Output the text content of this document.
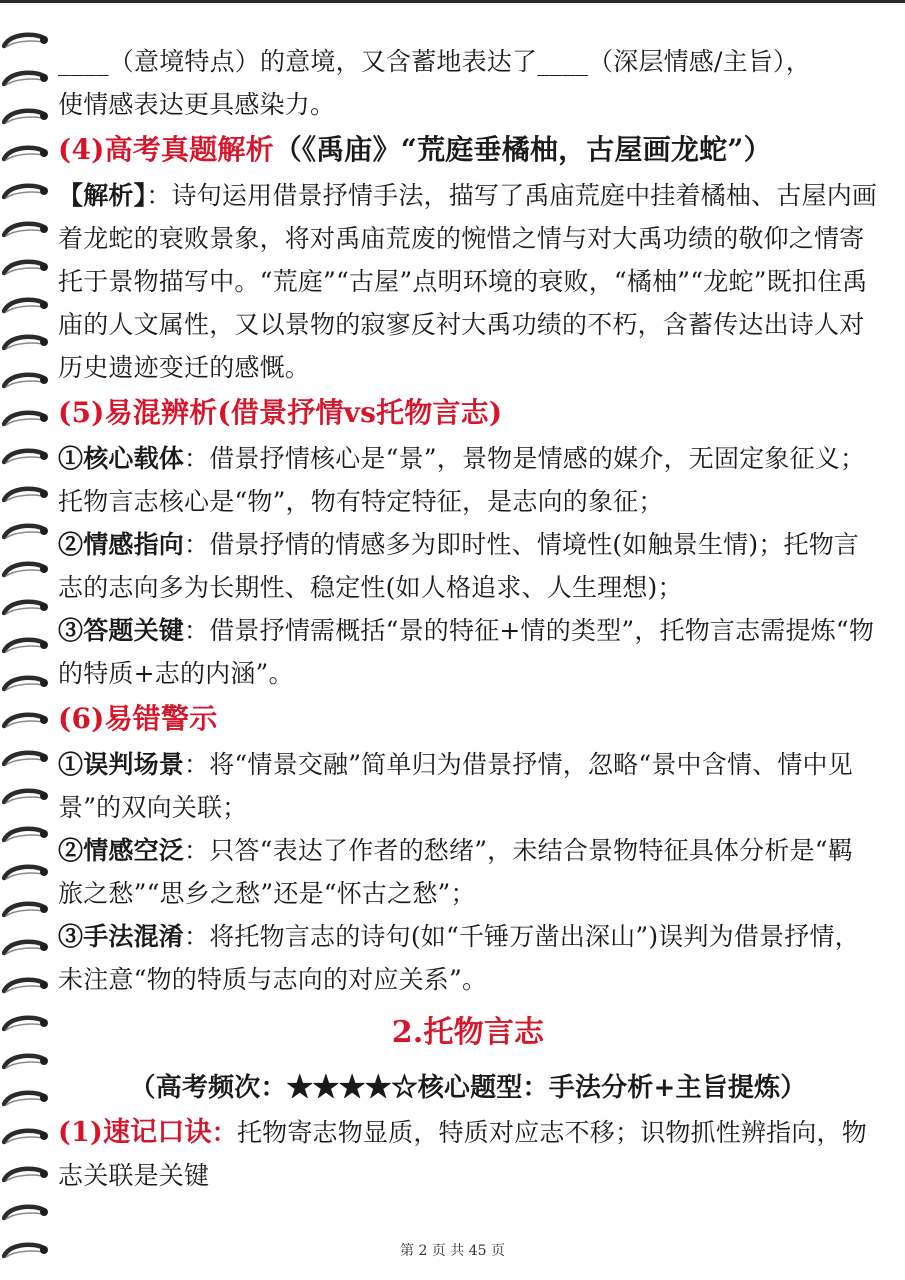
____（意境特点）的意境，又含蓄地表达了____（深层情感/主旨），

使情感表达更具感染力。

(4)高考真题解析（《禹庙》“荒庭垂橘柚，古屋画龙蛇”）

【解析】：诗句运用借景抒情手法，描写了禹庙荒庭中挂着橘柚、古屋内画着龙蛇的衰败景象，将对禹庙荒废的惋惜之情与对大禹功绩的敬仰之情寄托于景物描写中。“荒庭”“古屋”点明环境的衰败，“橘柚”“龙蛇”既扣住禹庙的人文属性，又以景物的寂寥反衬大禹功绩的不朽，含蓄传达出诗人对历史遗迹变迁的感慨。

(5)易混辨析(借景抒情vs托物言志)

①核心载体：借景抒情核心是“景”，景物是情感的媒介，无固定象征义；托物言志核心是“物”，物有特定特征，是志向的象征；

②情感指向：借景抒情的情感多为即时性、情境性(如触景生情)；托物言志的志向多为长期性、稳定性(如人格追求、人生理想)；

③答题关键：借景抒情需概括“景的特征+情的类型”，托物言志需提炼“物的特质+志的内涵”。

(6)易错警示

①误判场景：将“情景交融”简单归为借景抒情，忽略“景中含情、情中见景”的双向关联；

②情感空泛：只答“表达了作者的愁绪”，未结合景物特征具体分析是“羁旅之愁”“思乡之愁”还是“怀古之愁”；

③手法混淆：将托物言志的诗句(如“千锤万凿出深山”)误判为借景抒情，未注意“物的特质与志向的对应关系”。

2.托物言志

（高考频次：★★★★☆核心题型：手法分析+主旨提炼）

(1)速记口诀：托物寄志物显质，特质对应志不移；识物抓性辨指向，物志关联是关键

第 2 页 共 45 页
